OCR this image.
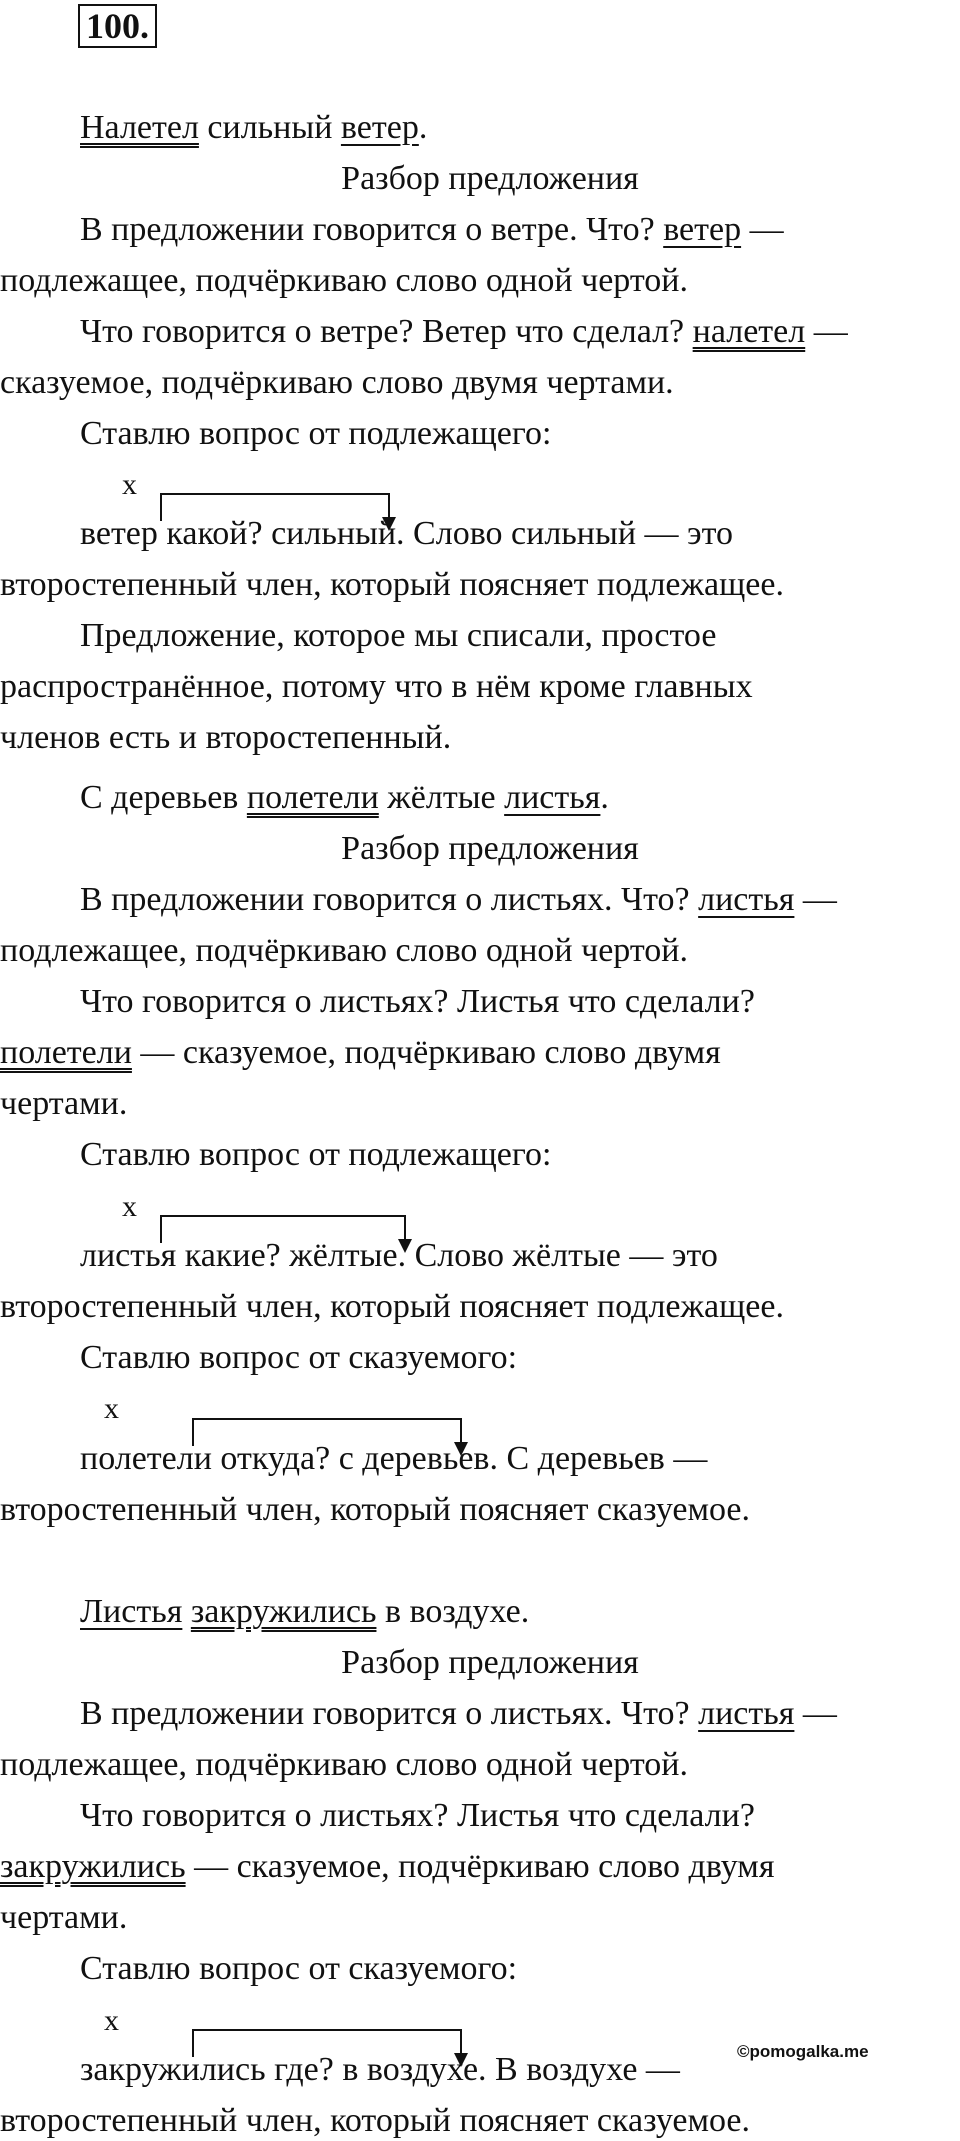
100.
Налетел сильный ветер.
Разбор предложения
В предложении говорится о ветре. Что? ветер —
подлежащее, подчёркиваю слово одной чертой.
Что говорится о ветре? Ветер что сделал? налетел —
сказуемое, подчёркиваю слово двумя чертами.
Ставлю вопрос от подлежащего:
х
ветер какой? сильный. Слово сильный — это
второстепенный член, который поясняет подлежащее.
Предложение, которое мы списали, простое
распространённое, потому что в нём кроме главных
членов есть и второстепенный.
С деревьев полетели жёлтые листья.
Разбор предложения
В предложении говорится о листьях. Что? листья —
подлежащее, подчёркиваю слово одной чертой.
Что говорится о листьях? Листья что сделали?
полетели — сказуемое, подчёркиваю слово двумя
чертами.
Ставлю вопрос от подлежащего:
х
листья какие? жёлтые. Слово жёлтые — это
второстепенный член, который поясняет подлежащее.
Ставлю вопрос от сказуемого:
х
полетели откуда? с деревьев. С деревьев —
второстепенный член, который поясняет сказуемое.
Листья закружились в воздухе.
Разбор предложения
В предложении говорится о листьях. Что? листья —
подлежащее, подчёркиваю слово одной чертой.
Что говорится о листьях? Листья что сделали?
закружились — сказуемое, подчёркиваю слово двумя
чертами.
Ставлю вопрос от сказуемого:
х
закружились где? в воздухе. В воздухе —
второстепенный член, который поясняет сказуемое.
©pomogalka.me
